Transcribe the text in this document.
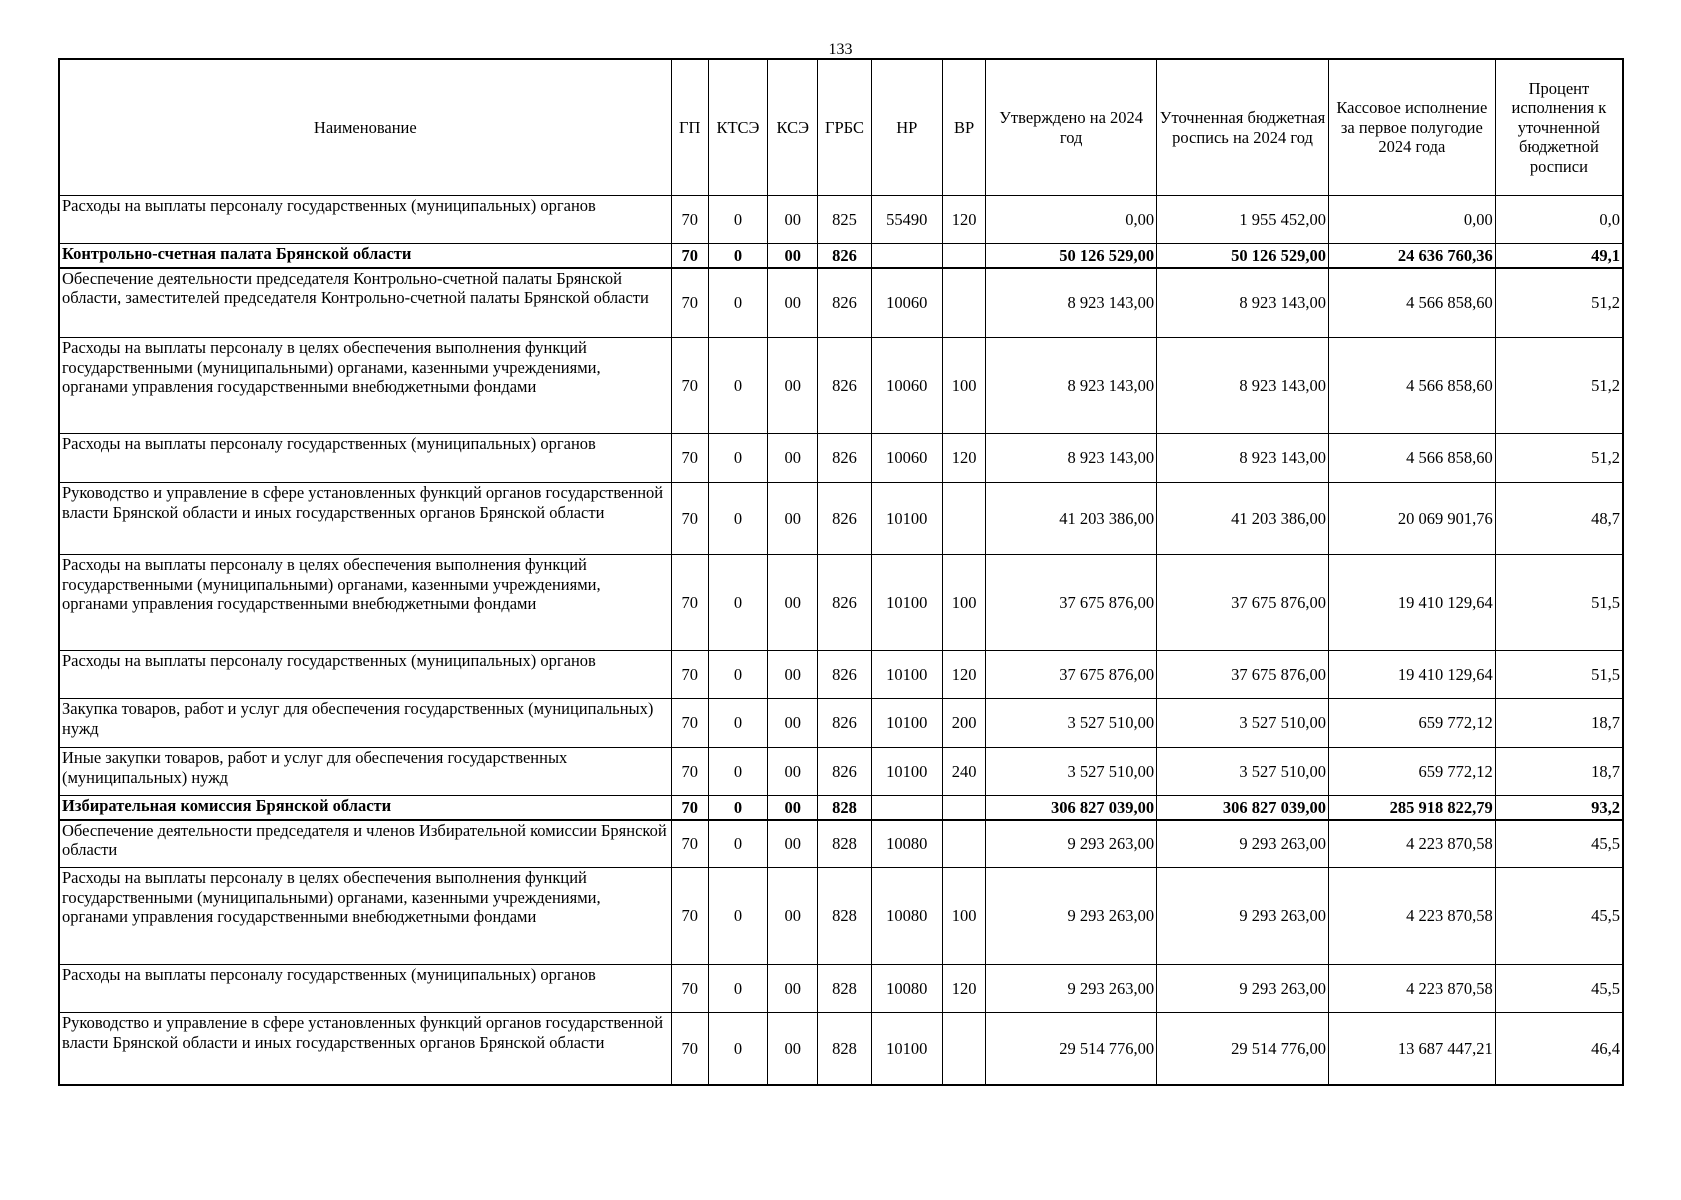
133
Наименование	ГП	КТСЭ	КСЭ	ГРБС	НР	ВР	Утверждено на 2024 год	Уточненная бюджетная роспись на 2024 год	Кассовое исполнение за первое полугодие 2024 года	Процент исполнения к уточненной бюджетной росписи
Расходы на выплаты персоналу государственных (муниципальных) органов	70	0	00	825	55490	120	0,00	1 955 452,00	0,00	0,0
Контрольно-счетная палата Брянской области	70	0	00	826			50 126 529,00	50 126 529,00	24 636 760,36	49,1
Обеспечение деятельности председателя Контрольно-счетной палаты Брянской области, заместителей председателя Контрольно-счетной палаты Брянской области	70	0	00	826	10060		8 923 143,00	8 923 143,00	4 566 858,60	51,2
Расходы на выплаты персоналу в целях обеспечения выполнения функций государственными (муниципальными) органами, казенными учреждениями, органами управления государственными внебюджетными фондами	70	0	00	826	10060	100	8 923 143,00	8 923 143,00	4 566 858,60	51,2
Расходы на выплаты персоналу государственных (муниципальных) органов	70	0	00	826	10060	120	8 923 143,00	8 923 143,00	4 566 858,60	51,2
Руководство и управление в сфере установленных функций органов государственной власти Брянской области и иных государственных органов Брянской области	70	0	00	826	10100		41 203 386,00	41 203 386,00	20 069 901,76	48,7
Расходы на выплаты персоналу в целях обеспечения выполнения функций государственными (муниципальными) органами, казенными учреждениями, органами управления государственными внебюджетными фондами	70	0	00	826	10100	100	37 675 876,00	37 675 876,00	19 410 129,64	51,5
Расходы на выплаты персоналу государственных (муниципальных) органов	70	0	00	826	10100	120	37 675 876,00	37 675 876,00	19 410 129,64	51,5
Закупка товаров, работ и услуг для обеспечения государственных (муниципальных) нужд	70	0	00	826	10100	200	3 527 510,00	3 527 510,00	659 772,12	18,7
Иные закупки товаров, работ и услуг для обеспечения государственных (муниципальных) нужд	70	0	00	826	10100	240	3 527 510,00	3 527 510,00	659 772,12	18,7
Избирательная комиссия Брянской области	70	0	00	828			306 827 039,00	306 827 039,00	285 918 822,79	93,2
Обеспечение деятельности председателя и членов Избирательной комиссии Брянской области	70	0	00	828	10080		9 293 263,00	9 293 263,00	4 223 870,58	45,5
Расходы на выплаты персоналу в целях обеспечения выполнения функций государственными (муниципальными) органами, казенными учреждениями, органами управления государственными внебюджетными фондами	70	0	00	828	10080	100	9 293 263,00	9 293 263,00	4 223 870,58	45,5
Расходы на выплаты персоналу государственных (муниципальных) органов	70	0	00	828	10080	120	9 293 263,00	9 293 263,00	4 223 870,58	45,5
Руководство и управление в сфере установленных функций органов государственной власти Брянской области и иных государственных органов Брянской области	70	0	00	828	10100		29 514 776,00	29 514 776,00	13 687 447,21	46,4
